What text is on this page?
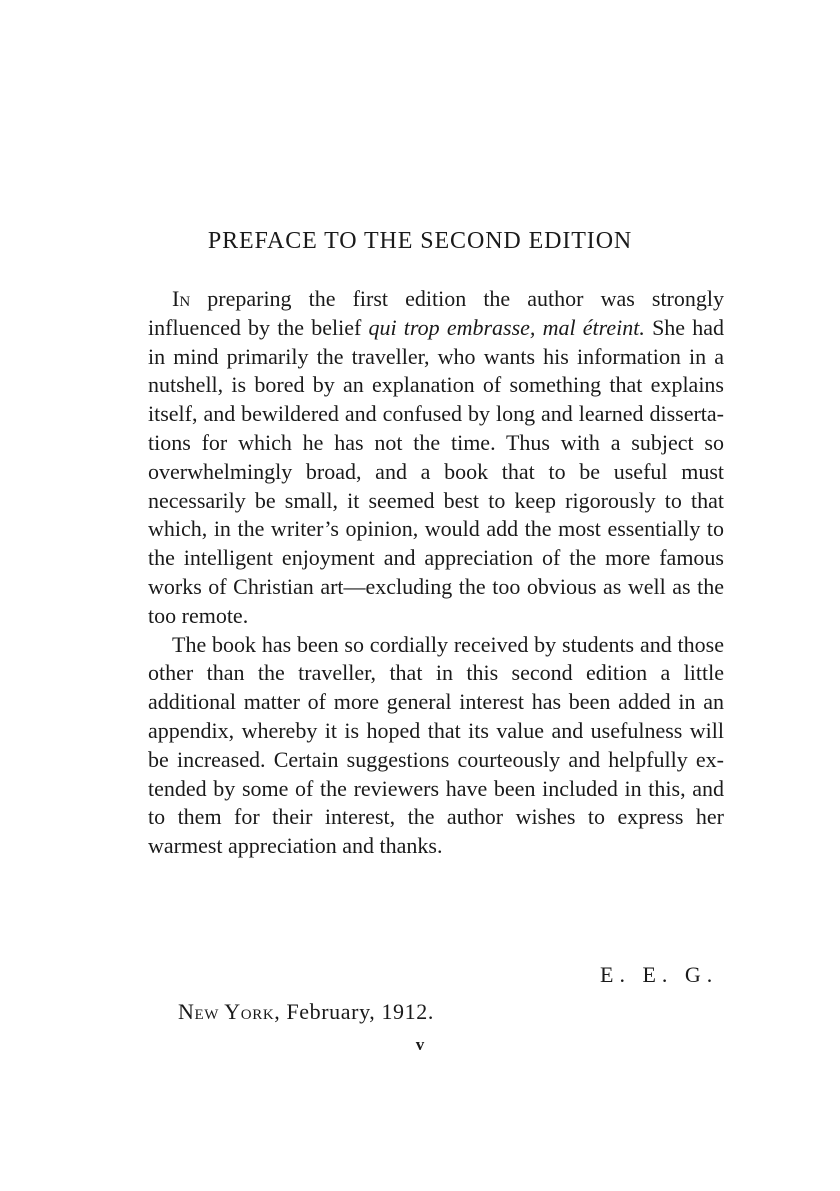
PREFACE TO THE SECOND EDITION

In preparing the first edition the author was strongly influenced by the belief qui trop embrasse, mal étreint. She had in mind primarily the traveller, who wants his information in a nutshell, is bored by an explanation of something that explains itself, and bewildered and confused by long and learned dissertations for which he has not the time. Thus with a subject so overwhelmingly broad, and a book that to be useful must necessarily be small, it seemed best to keep rigorously to that which, in the writer’s opinion, would add the most essentially to the intelligent enjoyment and appreciation of the more famous works of Christian art—excluding the too obvious as well as the too remote.

The book has been so cordially received by students and those other than the traveller, that in this second edition a little additional matter of more general interest has been added in an appendix, whereby it is hoped that its value and usefulness will be increased. Certain suggestions courteously and helpfully extended by some of the reviewers have been included in this, and to them for their interest, the author wishes to express her warmest appreciation and thanks.

E. E. G.
New York, February, 1912.
v
